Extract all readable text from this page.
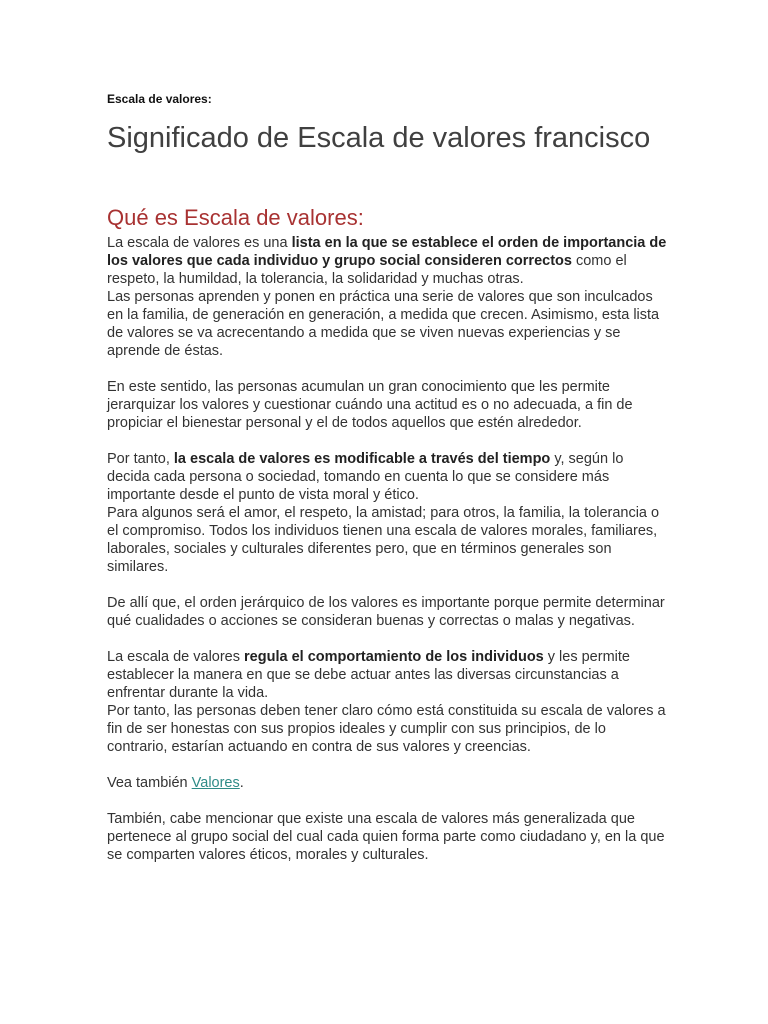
Escala de valores:
Significado de Escala de valores francisco
Qué es Escala de valores:

La escala de valores es una lista en la que se establece el orden de importancia de los valores que cada individuo y grupo social consideren correctos como el respeto, la humildad, la tolerancia, la solidaridad y muchas otras.

Las personas aprenden y ponen en práctica una serie de valores que son inculcados en la familia, de generación en generación, a medida que crecen. Asimismo, esta lista de valores se va acrecentando a medida que se viven nuevas experiencias y se aprende de éstas.

En este sentido, las personas acumulan un gran conocimiento que les permite jerarquizar los valores y cuestionar cuándo una actitud es o no adecuada, a fin de propiciar el bienestar personal y el de todos aquellos que estén alrededor.

Por tanto, la escala de valores es modificable a través del tiempo y, según lo decida cada persona o sociedad, tomando en cuenta lo que se considere más importante desde el punto de vista moral y ético.

Para algunos será el amor, el respeto, la amistad; para otros, la familia, la tolerancia o el compromiso. Todos los individuos tienen una escala de valores morales, familiares, laborales, sociales y culturales diferentes pero, que en términos generales son similares.

De allí que, el orden jerárquico de los valores es importante porque permite determinar qué cualidades o acciones se consideran buenas y correctas o malas y negativas.

La escala de valores regula el comportamiento de los individuos y les permite establecer la manera en que se debe actuar antes las diversas circunstancias a enfrentar durante la vida.

Por tanto, las personas deben tener claro cómo está constituida su escala de valores a fin de ser honestas con sus propios ideales y cumplir con sus principios, de lo contrario, estarían actuando en contra de sus valores y creencias.

Vea también Valores.

También, cabe mencionar que existe una escala de valores más generalizada que pertenece al grupo social del cual cada quien forma parte como ciudadano y, en la que se comparten valores éticos, morales y culturales.
